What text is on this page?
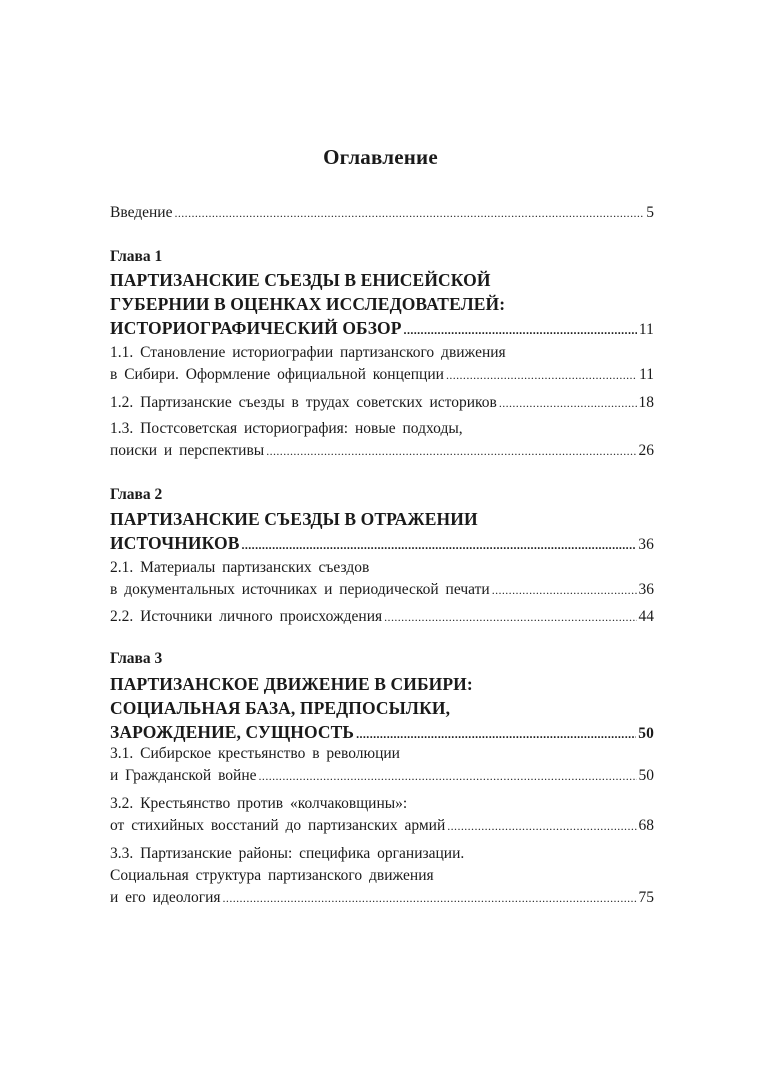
Оглавление
Введение .....	5
Глава 1
ПАРТИЗАНСКИЕ СЪЕЗДЫ В ЕНИСЕЙСКОЙ
ГУБЕРНИИ В ОЦЕНКАХ ИССЛЕДОВАТЕЛЕЙ:
ИСТОРИОГРАФИЧЕСКИЙ ОБЗОР .....	11
1.1. Становление историографии партизанского движения
в Сибири. Оформление официальной концепции .....	11
1.2. Партизанские съезды в трудах советских историков .....	18
1.3. Постсоветская историография: новые подходы,
поиски и перспективы .....	26
Глава 2
ПАРТИЗАНСКИЕ СЪЕЗДЫ В ОТРАЖЕНИИ
ИСТОЧНИКОВ .....	36
2.1. Материалы партизанских съездов
в документальных источниках и периодической печати .....	36
2.2. Источники личного происхождения .....	44
Глава 3
ПАРТИЗАНСКОЕ ДВИЖЕНИЕ В СИБИРИ:
СОЦИАЛЬНАЯ БАЗА, ПРЕДПОСЫЛКИ,
ЗАРОЖДЕНИЕ, СУЩНОСТЬ .....	50
3.1. Сибирское крестьянство в революции
и Гражданской войне .....	50
3.2. Крестьянство против «колчаковщины»:
от стихийных восстаний до партизанских армий .....	68
3.3. Партизанские районы: специфика организации.
Социальная структура партизанского движения
и его идеология .....	75
